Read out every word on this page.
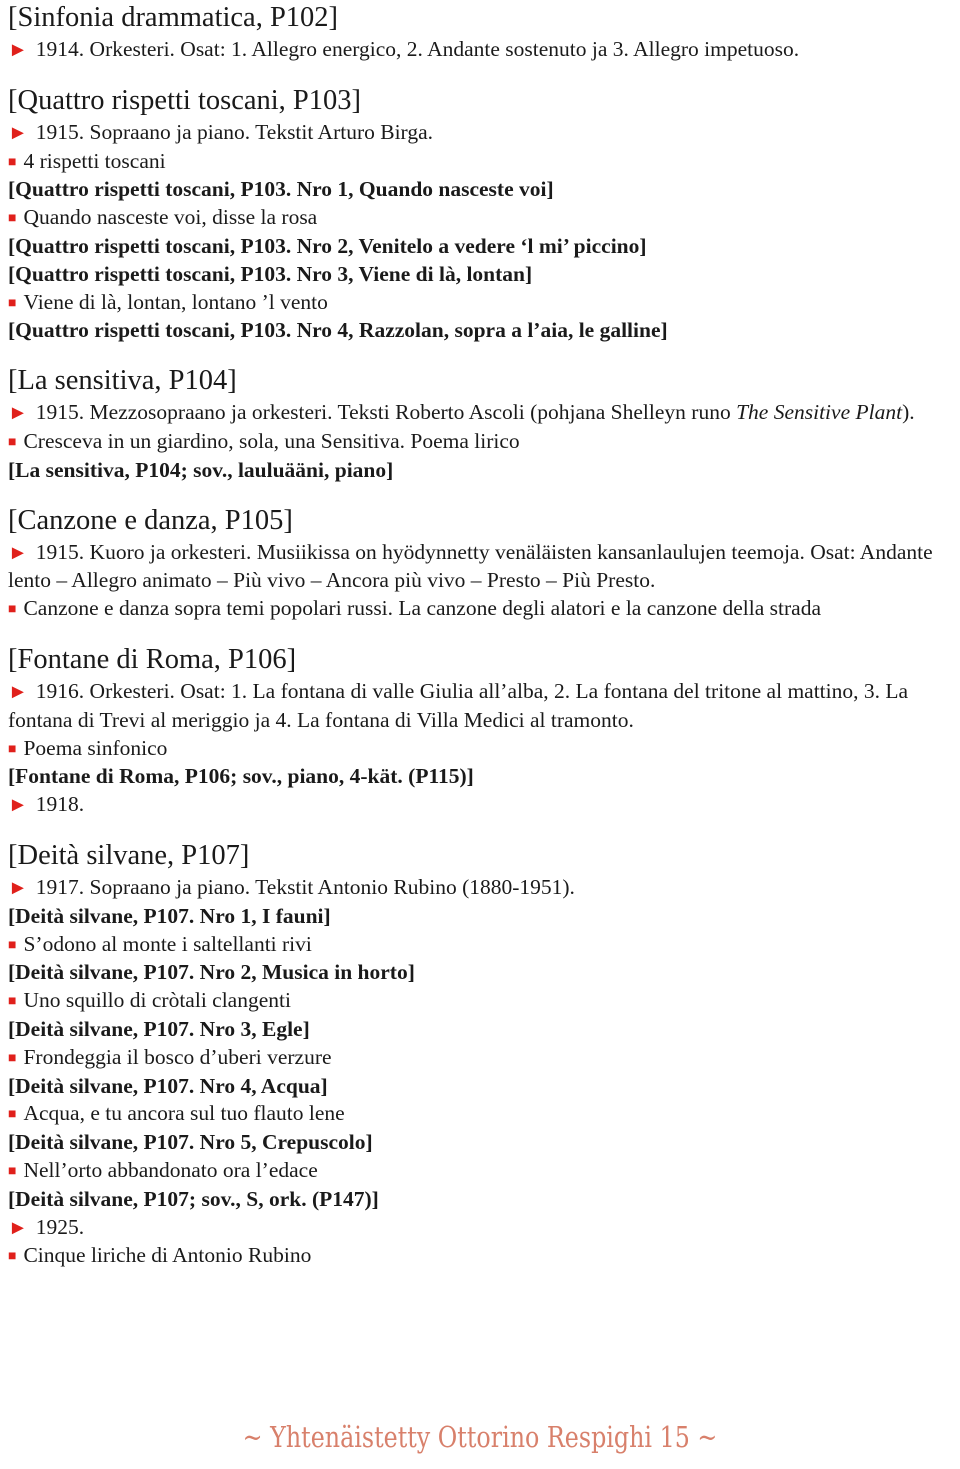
[Sinfonia drammatica, P102]
► 1914. Orkesteri. Osat: 1. Allegro energico, 2. Andante sostenuto ja 3. Allegro impetuoso.
[Quattro rispetti toscani, P103]
► 1915. Sopraano ja piano. Tekstit Arturo Birga.
■ 4 rispetti toscani
[Quattro rispetti toscani, P103. Nro 1, Quando nasceste voi]
■ Quando nasceste voi, disse la rosa
[Quattro rispetti toscani, P103. Nro 2, Venitelo a vedere ‘l mi’ piccino]
[Quattro rispetti toscani, P103. Nro 3, Viene di là, lontan]
■ Viene di là, lontan, lontano ’l vento
[Quattro rispetti toscani, P103. Nro 4, Razzolan, sopra a l’aia, le galline]
[La sensitiva, P104]
► 1915. Mezzosopraano ja orkesteri. Teksti Roberto Ascoli (pohjana Shelleyn runo The Sensitive Plant).
■ Cresceva in un giardino, sola, una Sensitiva. Poema lirico
[La sensitiva, P104; sov., lauluääni, piano]
[Canzone e danza, P105]
► 1915. Kuoro ja orkesteri. Musiikissa on hyödynnetty venäläisten kansanlaulujen teemoja. Osat: Andante lento – Allegro animato – Più vivo – Ancora più vivo – Presto – Più Presto.
■ Canzone e danza sopra temi popolari russi. La canzone degli alatori e la canzone della strada
[Fontane di Roma, P106]
► 1916. Orkesteri. Osat: 1. La fontana di valle Giulia all’alba, 2. La fontana del tritone al mattino, 3. La fontana di Trevi al meriggio ja 4. La fontana di Villa Medici al tramonto.
■ Poema sinfonico
[Fontane di Roma, P106; sov., piano, 4-kät. (P115)]
► 1918.
[Deità silvane, P107]
► 1917. Sopraano ja piano. Tekstit Antonio Rubino (1880-1951).
[Deità silvane, P107. Nro 1, I fauni]
■ S’odono al monte i saltellanti rivi
[Deità silvane, P107. Nro 2, Musica in horto]
■ Uno squillo di cròtali clangenti
[Deità silvane, P107. Nro 3, Egle]
■ Frondeggia il bosco d’uberi verzure
[Deità silvane, P107. Nro 4, Acqua]
■ Acqua, e tu ancora sul tuo flauto lene
[Deità silvane, P107. Nro 5, Crepuscolo]
■ Nell’orto abbandonato ora l’edace
[Deità silvane, P107; sov., S, ork. (P147)]
► 1925.
■ Cinque liriche di Antonio Rubino
~ Yhtenäistetty Ottorino Respighi 15 ~
